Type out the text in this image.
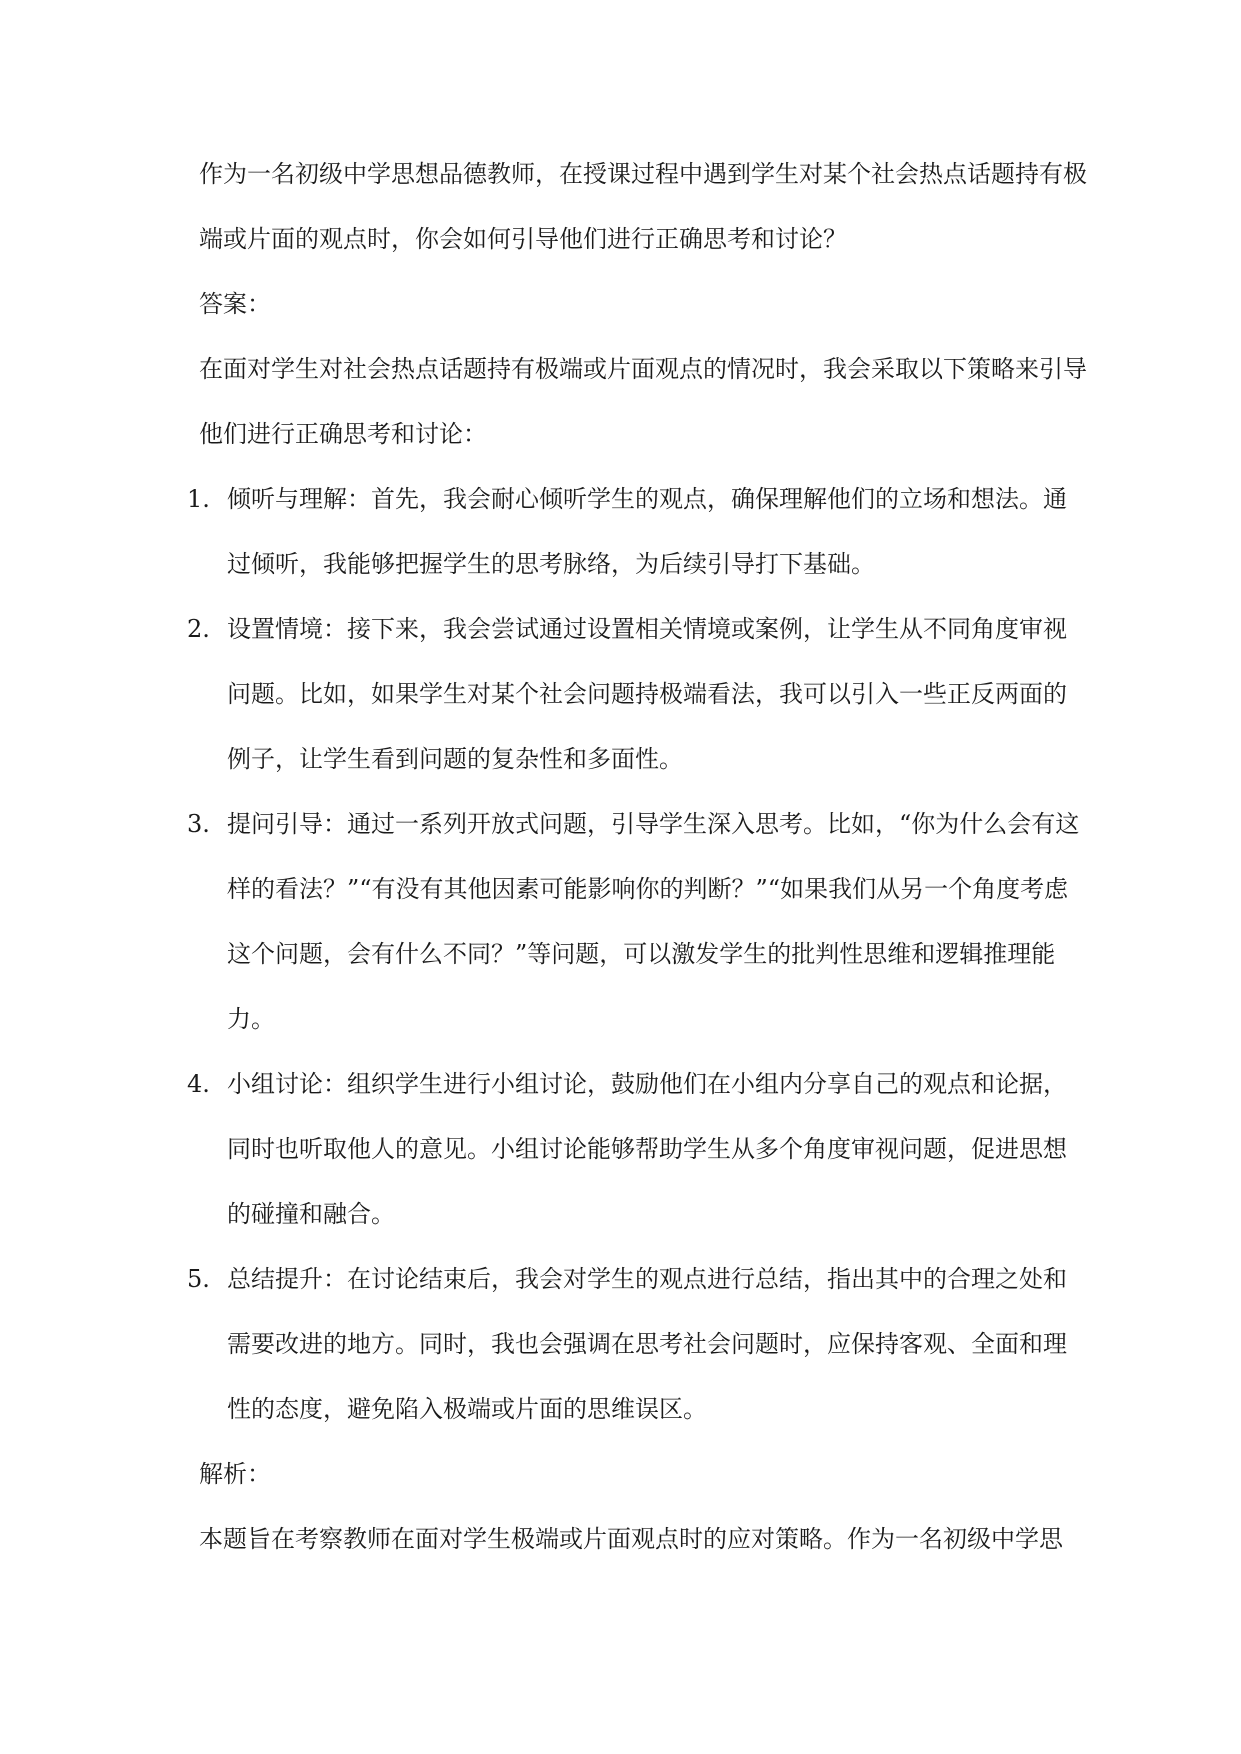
作为一名初级中学思想品德教师，在授课过程中遇到学生对某个社会热点话题持有极端或片面的观点时，你会如何引导他们进行正确思考和讨论？

答案：

在面对学生对社会热点话题持有极端或片面观点的情况时，我会采取以下策略来引导他们进行正确思考和讨论：

1. 倾听与理解：首先，我会耐心倾听学生的观点，确保理解他们的立场和想法。通过倾听，我能够把握学生的思考脉络，为后续引导打下基础。
2. 设置情境：接下来，我会尝试通过设置相关情境或案例，让学生从不同角度审视问题。比如，如果学生对某个社会问题持极端看法，我可以引入一些正反两面的例子，让学生看到问题的复杂性和多面性。
3. 提问引导：通过一系列开放式问题，引导学生深入思考。比如，“你为什么会有这样的看法？”“有没有其他因素可能影响你的判断？”“如果我们从另一个角度考虑这个问题，会有什么不同？”等问题，可以激发学生的批判性思维和逻辑推理能力。
4. 小组讨论：组织学生进行小组讨论，鼓励他们在小组内分享自己的观点和论据，同时也听取他人的意见。小组讨论能够帮助学生从多个角度审视问题，促进思想的碰撞和融合。
5. 总结提升：在讨论结束后，我会对学生的观点进行总结，指出其中的合理之处和需要改进的地方。同时，我也会强调在思考社会问题时，应保持客观、全面和理性的态度，避免陷入极端或片面的思维误区。

解析：

本题旨在考察教师在面对学生极端或片面观点时的应对策略。作为一名初级中学思
